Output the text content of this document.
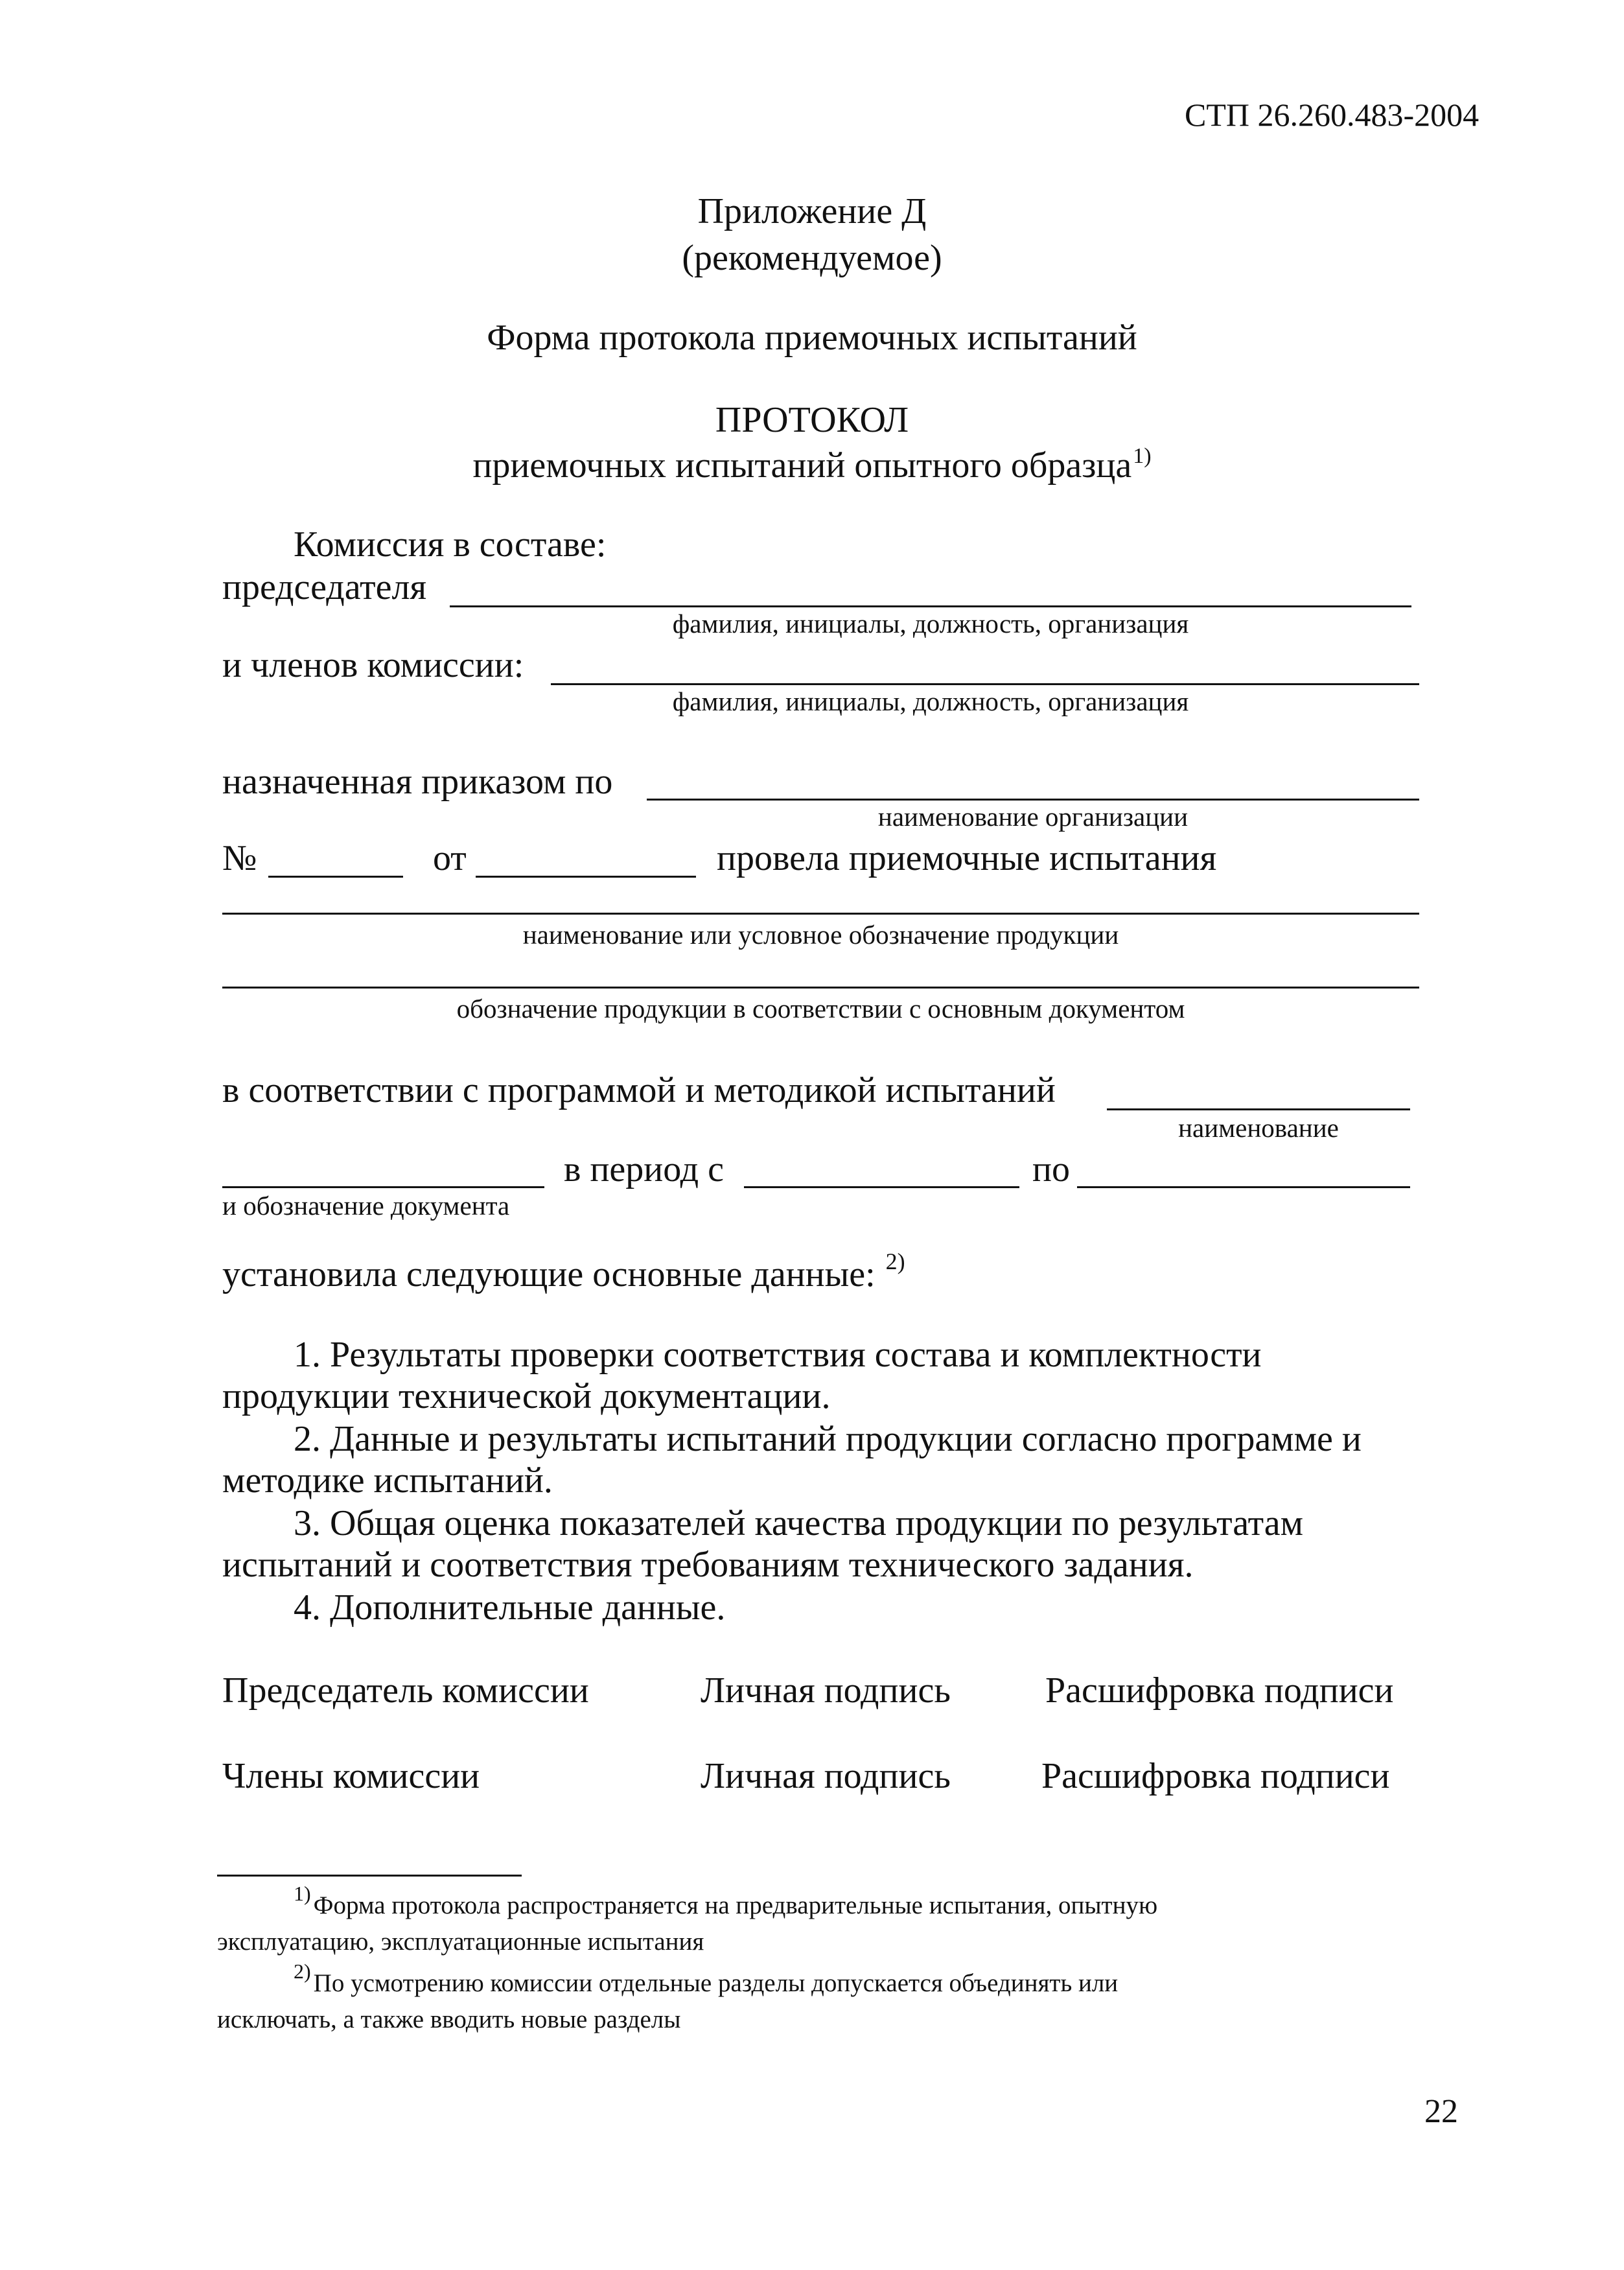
СТП 26.260.483-2004
Приложение Д
(рекомендуемое)
Форма протокола приемочных испытаний
ПРОТОКОЛ
приемочных испытаний опытного образца$^{1)}$
Комиссия в составе:
председателя
фамилия, инициалы, должность, организация
и членов комиссии:
фамилия, инициалы, должность, организация
назначенная приказом по
наименование организации
№	от	провела приемочные испытания
наименование или условное обозначение продукции
обозначение продукции в соответствии с основным документом
в соответствии с программой и методикой испытаний
наименование
в период с	по
и обозначение документа
установила следующие основные данные: $^{2)}$
1. Результаты проверки соответствия состава и комплектности
продукции технической документации.
2. Данные и результаты испытаний продукции согласно программе и
методике испытаний.
3. Общая оценка показателей качества продукции по результатам
испытаний и соответствия требованиям технического задания.
4. Дополнительные данные.
Председатель комиссии	Личная подпись	Расшифровка подписи
Члены комиссии	Личная подпись	Расшифровка подписи
$^{1)}$ Форма протокола распространяется на предварительные испытания, опытную
эксплуатацию, эксплуатационные испытания
$^{2)}$ По усмотрению комиссии отдельные разделы допускается объединять или
исключать, а также вводить новые разделы
22
